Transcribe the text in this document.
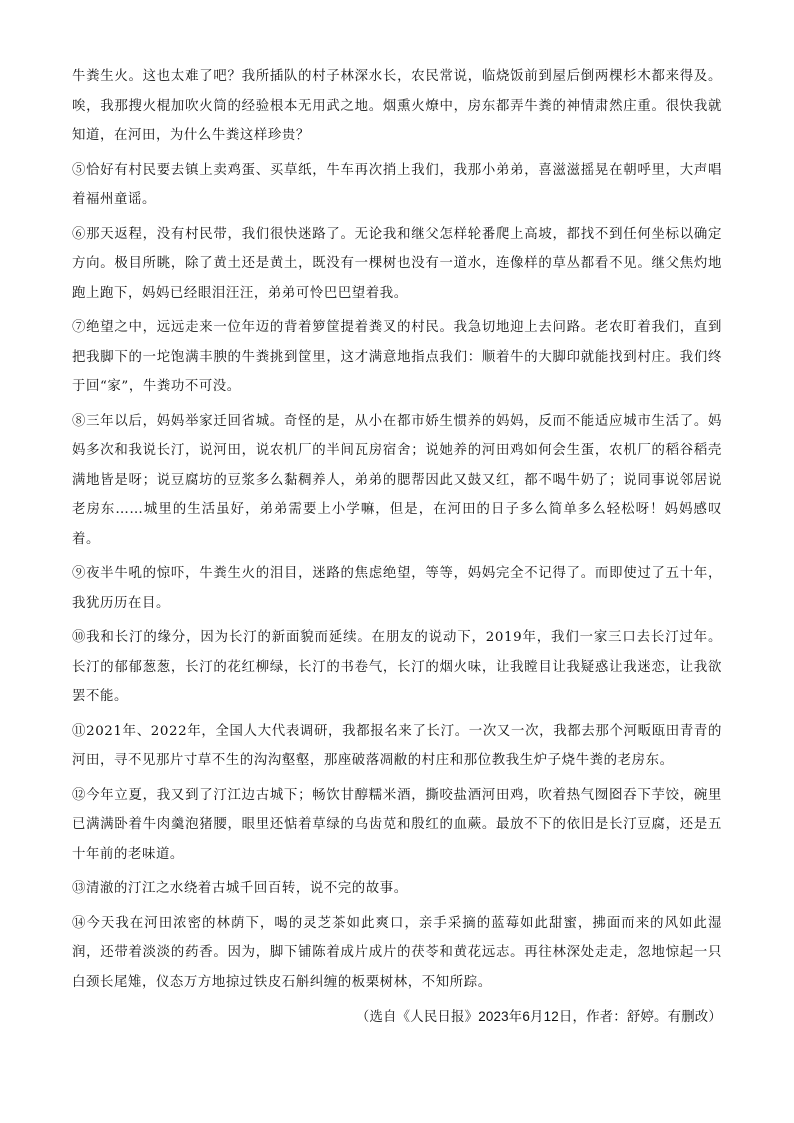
牛粪生火。这也太难了吧？我所插队的村子林深水长，农民常说，临烧饭前到屋后倒两棵杉木都来得及。唉，我那搜火棍加吹火筒的经验根本无用武之地。烟熏火燎中，房东都弄牛粪的神情肃然庄重。很快我就知道，在河田，为什么牛粪这样珍贵？

⑤恰好有村民要去镇上卖鸡蛋、买草纸，牛车再次捎上我们，我那小弟弟，喜滋滋摇晃在朝呼里，大声唱着福州童谣。

⑥那天返程，没有村民带，我们很快迷路了。无论我和继父怎样轮番爬上高坡，都找不到任何坐标以确定方向。极目所眺，除了黄土还是黄土，既没有一棵树也没有一道水，连像样的草丛都看不见。继父焦灼地跑上跑下，妈妈已经眼泪汪汪，弟弟可怜巴巴望着我。

⑦绝望之中，远远走来一位年迈的背着箩筐提着粪叉的村民。我急切地迎上去问路。老农盯着我们，直到把我脚下的一坨饱满丰腴的牛粪挑到筐里，这才满意地指点我们：顺着牛的大脚印就能找到村庄。我们终于回“家”，牛粪功不可没。

⑧三年以后，妈妈举家迁回省城。奇怪的是，从小在都市娇生惯养的妈妈，反而不能适应城市生活了。妈妈多次和我说长汀，说河田，说农机厂的半间瓦房宿舍；说她养的河田鸡如何会生蛋，农机厂的稻谷稻壳满地皆是呀；说豆腐坊的豆浆多么黏稠养人，弟弟的腮帮因此又鼓又红，都不喝牛奶了；说同事说邻居说老房东……城里的生活虽好，弟弟需要上小学嘛，但是，在河田的日子多么简单多么轻松呀！妈妈感叹着。

⑨夜半牛吼的惊吓，牛粪生火的泪目，迷路的焦虑绝望，等等，妈妈完全不记得了。而即使过了五十年，我犹历历在目。

⑩我和长汀的缘分，因为长汀的新面貌而延续。在朋友的说动下，2019年，我们一家三口去长汀过年。长汀的郁郁葱葱，长汀的花红柳绿，长汀的书卷气，长汀的烟火味，让我瞠目让我疑惑让我迷恋，让我欲罢不能。

⑪2021年、2022年，全国人大代表调研，我都报名来了长汀。一次又一次，我都去那个河畈瓯田青青的河田，寻不见那片寸草不生的沟沟壑壑，那座破落凋敝的村庄和那位教我生炉子烧牛粪的老房东。

⑫今年立夏，我又到了汀江边古城下；畅饮甘醇糯米酒，撕咬盐酒河田鸡，吹着热气囫囵吞下芋饺，碗里已满满卧着牛肉羹泡猪腰，眼里还惦着草绿的乌齿苋和殷红的血蕨。最放不下的依旧是长汀豆腐，还是五十年前的老味道。

⑬清澈的汀江之水绕着古城千回百转，说不完的故事。

⑭今天我在河田浓密的林荫下，喝的灵芝茶如此爽口，亲手采摘的蓝莓如此甜蜜，拂面而来的风如此湿润，还带着淡淡的药香。因为，脚下铺陈着成片成片的茯苓和黄花远志。再往林深处走走，忽地惊起一只白颈长尾雉，仪态万方地掠过铁皮石斛纠缠的板栗树林，不知所踪。

（选自《人民日报》2023年6月12日，作者：舒婷。有删改）
